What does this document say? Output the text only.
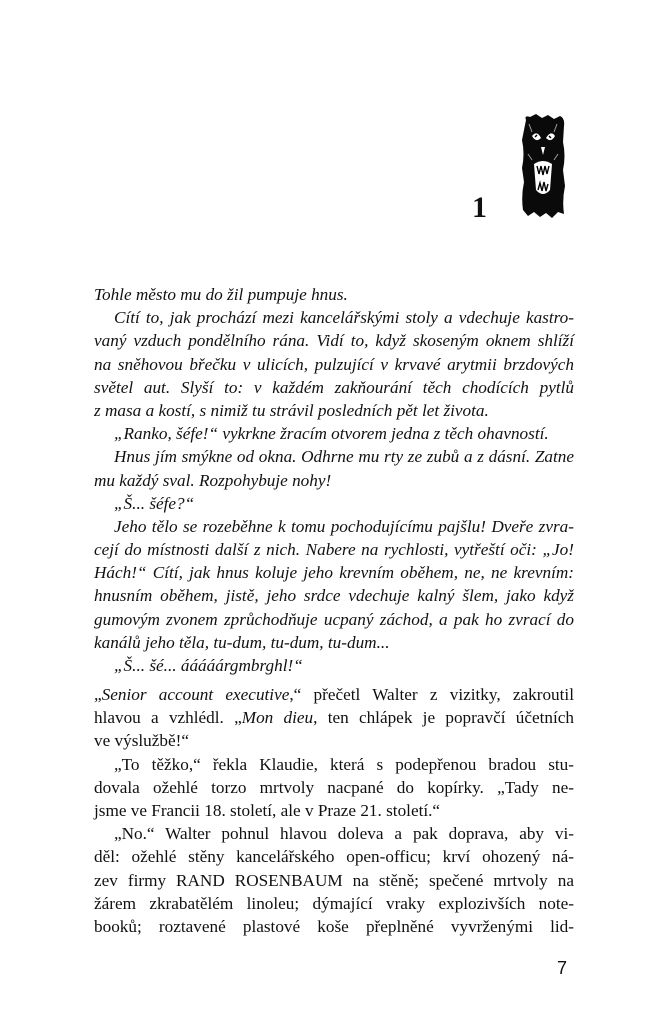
1
Tohle město mu do žil pumpuje hnus.
Cítí to, jak prochází mezi kancelářskými stoly a vdechuje kastro-
vaný vzduch pondělního rána. Vidí to, když skoseným oknem shlíží
na sněhovou břečku v ulicích, pulzující v krvavé arytmii brzdových
světel aut. Slyší to: v každém zakňourání těch chodících pytlů
z masa a kostí, s nimiž tu strávil posledních pět let života.
„Ranko, šéfe!“ vykrkne žracím otvorem jedna z těch ohavností.
Hnus jím smýkne od okna. Odhrne mu rty ze zubů a z dásní. Zatne
mu každý sval. Rozpohybuje nohy!
„Š... šéfe?“
Jeho tělo se rozeběhne k tomu pochodujícímu pajšlu! Dveře zvra-
cejí do místnosti další z nich. Nabere na rychlosti, vytřeští oči: „Jo!
Hách!“ Cítí, jak hnus koluje jeho krevním oběhem, ne, ne krevním:
hnusním oběhem, jistě, jeho srdce vdechuje kalný šlem, jako když
gumovým zvonem zprůchodňuje ucpaný záchod, a pak ho zvrací do
kanálů jeho těla, tu-dum, tu-dum, tu-dum...
„Š... šé... ááááárgmbrghl!“
„Senior account executive,“ přečetl Walter z vizitky, zakroutil
hlavou a vzhlédl. „Mon dieu, ten chlápek je popravčí účetních
ve výslužbě!“
„To těžko,“ řekla Klaudie, která s podepřenou bradou stu-
dovala ožehlé torzo mrtvoly nacpané do kopírky. „Tady ne-
jsme ve Francii 18. století, ale v Praze 21. století.“
„No.“ Walter pohnul hlavou doleva a pak doprava, aby vi-
děl: ožehlé stěny kancelářského open-officu; krví ohozený ná-
zev firmy RAND ROSENBAUM na stěně; spečené mrtvoly na
žárem zkrabatělém linoleu; dýmající vraky explozivších note-
booků; roztavené plastové koše přeplněné vyvrženými lid-
7
